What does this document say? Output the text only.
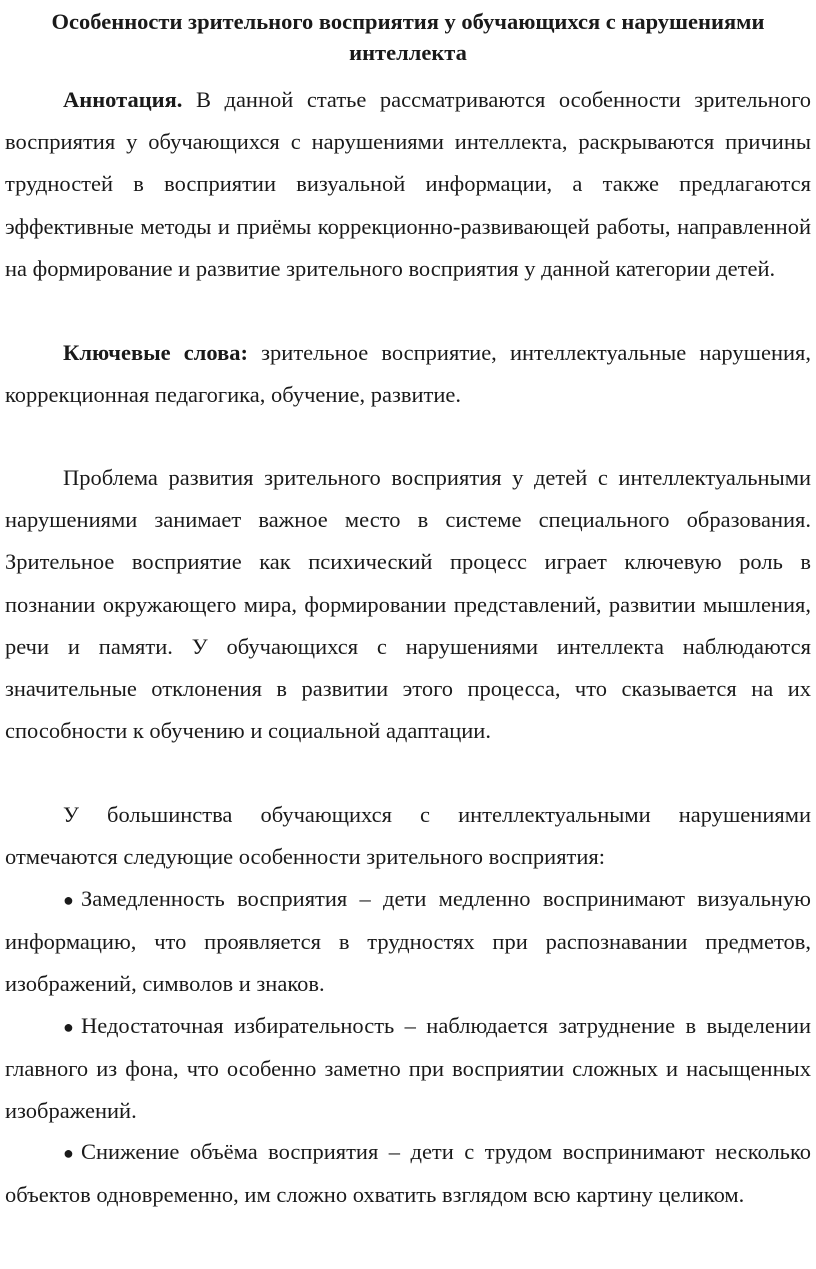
Особенности зрительного восприятия у обучающихся с нарушениями интеллекта

Аннотация. В данной статье рассматриваются особенности зрительного восприятия у обучающихся с нарушениями интеллекта, раскрываются причины трудностей в восприятии визуальной информации, а также предлагаются эффективные методы и приёмы коррекционно-развивающей работы, направленной на формирование и развитие зрительного восприятия у данной категории детей.

Ключевые слова: зрительное восприятие, интеллектуальные нарушения, коррекционная педагогика, обучение, развитие.

Проблема развития зрительного восприятия у детей с интеллектуальными нарушениями занимает важное место в системе специального образования. Зрительное восприятие как психический процесс играет ключевую роль в познании окружающего мира, формировании представлений, развитии мышления, речи и памяти. У обучающихся с нарушениями интеллекта наблюдаются значительные отклонения в развитии этого процесса, что сказывается на их способности к обучению и социальной адаптации.

У большинства обучающихся с интеллектуальными нарушениями отмечаются следующие особенности зрительного восприятия:

● Замедленность восприятия – дети медленно воспринимают визуальную информацию, что проявляется в трудностях при распознавании предметов, изображений, символов и знаков.

● Недостаточная избирательность – наблюдается затруднение в выделении главного из фона, что особенно заметно при восприятии сложных и насыщенных изображений.

● Снижение объёма восприятия – дети с трудом воспринимают несколько объектов одновременно, им сложно охватить взглядом всю картину целиком.
